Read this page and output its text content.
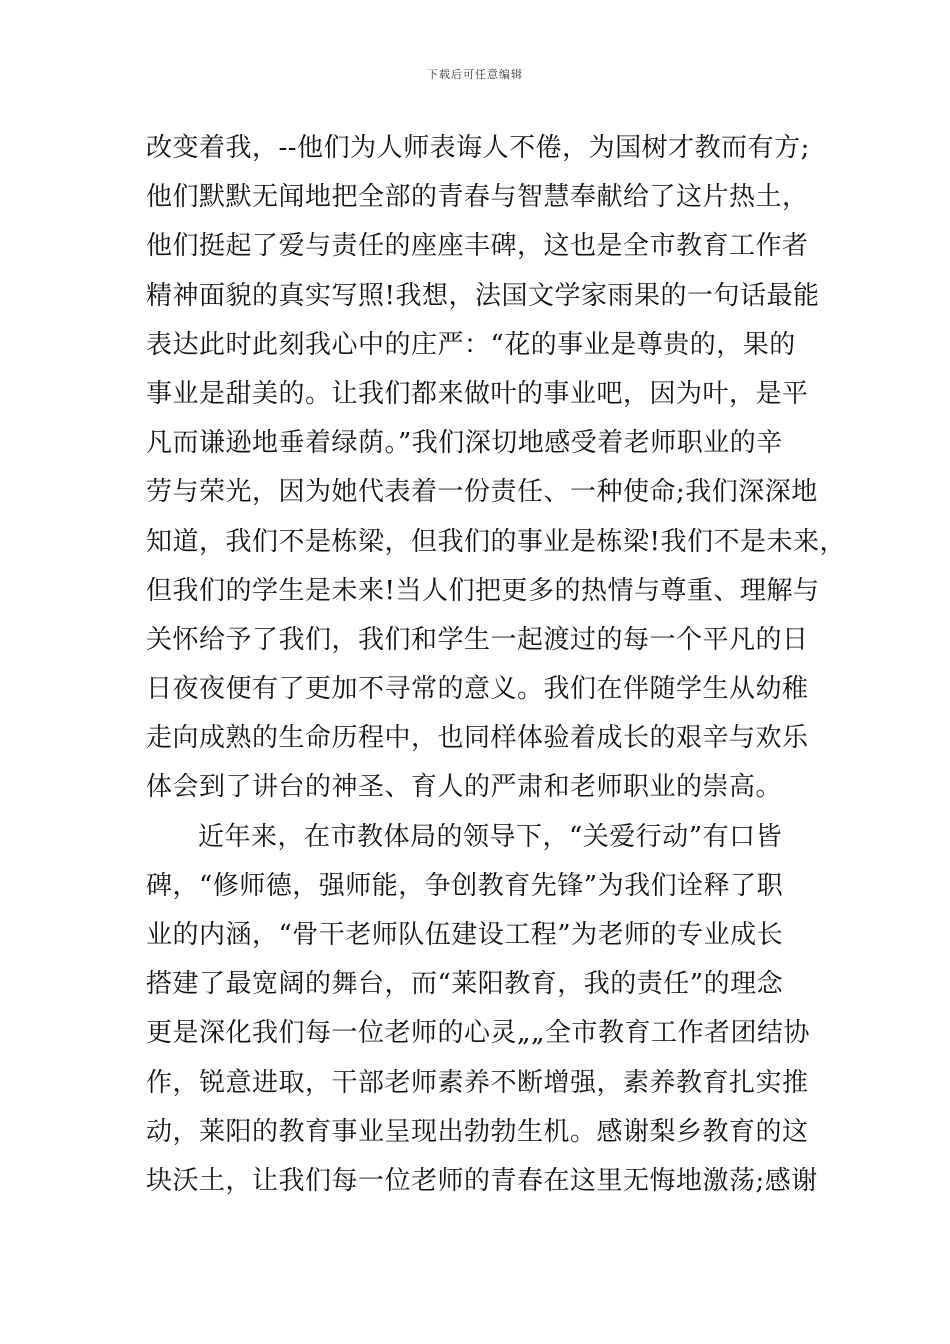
下载后可任意编辑
改变着我，--他们为人师表诲人不倦，为国树才教而有方;
他们默默无闻地把全部的青春与智慧奉献给了这片热土，
他们挺起了爱与责任的座座丰碑，这也是全市教育工作者
精神面貌的真实写照!我想，法国文学家雨果的一句话最能
表达此时此刻我心中的庄严：“花的事业是尊贵的，果的
事业是甜美的。让我们都来做叶的事业吧，因为叶，是平
凡而谦逊地垂着绿荫。”我们深切地感受着老师职业的辛
劳与荣光，因为她代表着一份责任、一种使命;我们深深地
知道，我们不是栋梁，但我们的事业是栋梁!我们不是未来，
但我们的学生是未来!当人们把更多的热情与尊重、理解与
关怀给予了我们，我们和学生一起渡过的每一个平凡的日
日夜夜便有了更加不寻常的意义。我们在伴随学生从幼稚
走向成熟的生命历程中，也同样体验着成长的艰辛与欢乐
体会到了讲台的神圣、育人的严肃和老师职业的崇高。
近年来，在市教体局的领导下，“关爱行动”有口皆
碑，“修师德，强师能，争创教育先锋”为我们诠释了职
业的内涵，“骨干老师队伍建设工程”为老师的专业成长
搭建了最宽阔的舞台，而“莱阳教育，我的责任”的理念
更是深化我们每一位老师的心灵„„全市教育工作者团结协
作，锐意进取，干部老师素养不断增强，素养教育扎实推
动，莱阳的教育事业呈现出勃勃生机。感谢梨乡教育的这
块沃土，让我们每一位老师的青春在这里无悔地激荡;感谢
